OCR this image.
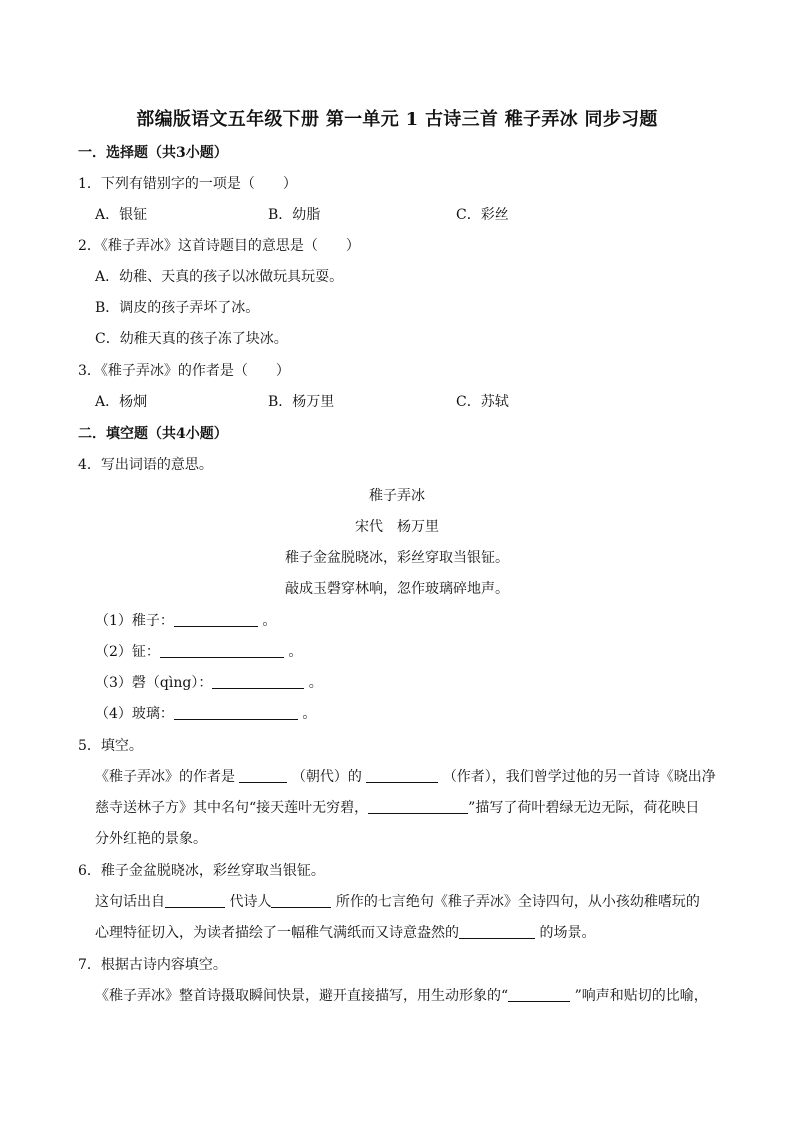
部编版语文五年级下册 第一单元 1 古诗三首 稚子弄冰 同步习题
一．选择题（共3小题）
1．下列有错别字的一项是（　　）
A．银钲	B．幼脂	C．彩丝
2．《稚子弄冰》这首诗题目的意思是（　　）
A．幼稚、天真的孩子以冰做玩具玩耍。
B．调皮的孩子弄坏了冰。
C．幼稚天真的孩子冻了块冰。
3．《稚子弄冰》的作者是（　　）
A．杨炯	B．杨万里	C．苏轼
二．填空题（共4小题）
4．写出词语的意思。
稚子弄冰
宋代　杨万里
稚子金盆脱晓冰，彩丝穿取当银钲。
敲成玉磬穿林响，忽作玻璃碎地声。
（1）稚子：	。
（2）钲：	。
（3）磬（qìng）：	。
（4）玻璃：	。
5．填空。
《稚子弄冰》的作者是	（朝代）的	（作者），我们曾学过他的另一首诗《晓出净
慈寺送林子方》其中名句“接天莲叶无穷碧，	”描写了荷叶碧绿无边无际，荷花映日
分外红艳的景象。
6．稚子金盆脱晓冰，彩丝穿取当银钲。
这句话出自	代诗人	所作的七言绝句《稚子弄冰》全诗四句，从小孩幼稚嗜玩的
心理特征切入，为读者描绘了一幅稚气满纸而又诗意盎然的	的场景。
7．根据古诗内容填空。
《稚子弄冰》整首诗摄取瞬间快景，避开直接描写，用生动形象的“	”响声和贴切的比喻，
